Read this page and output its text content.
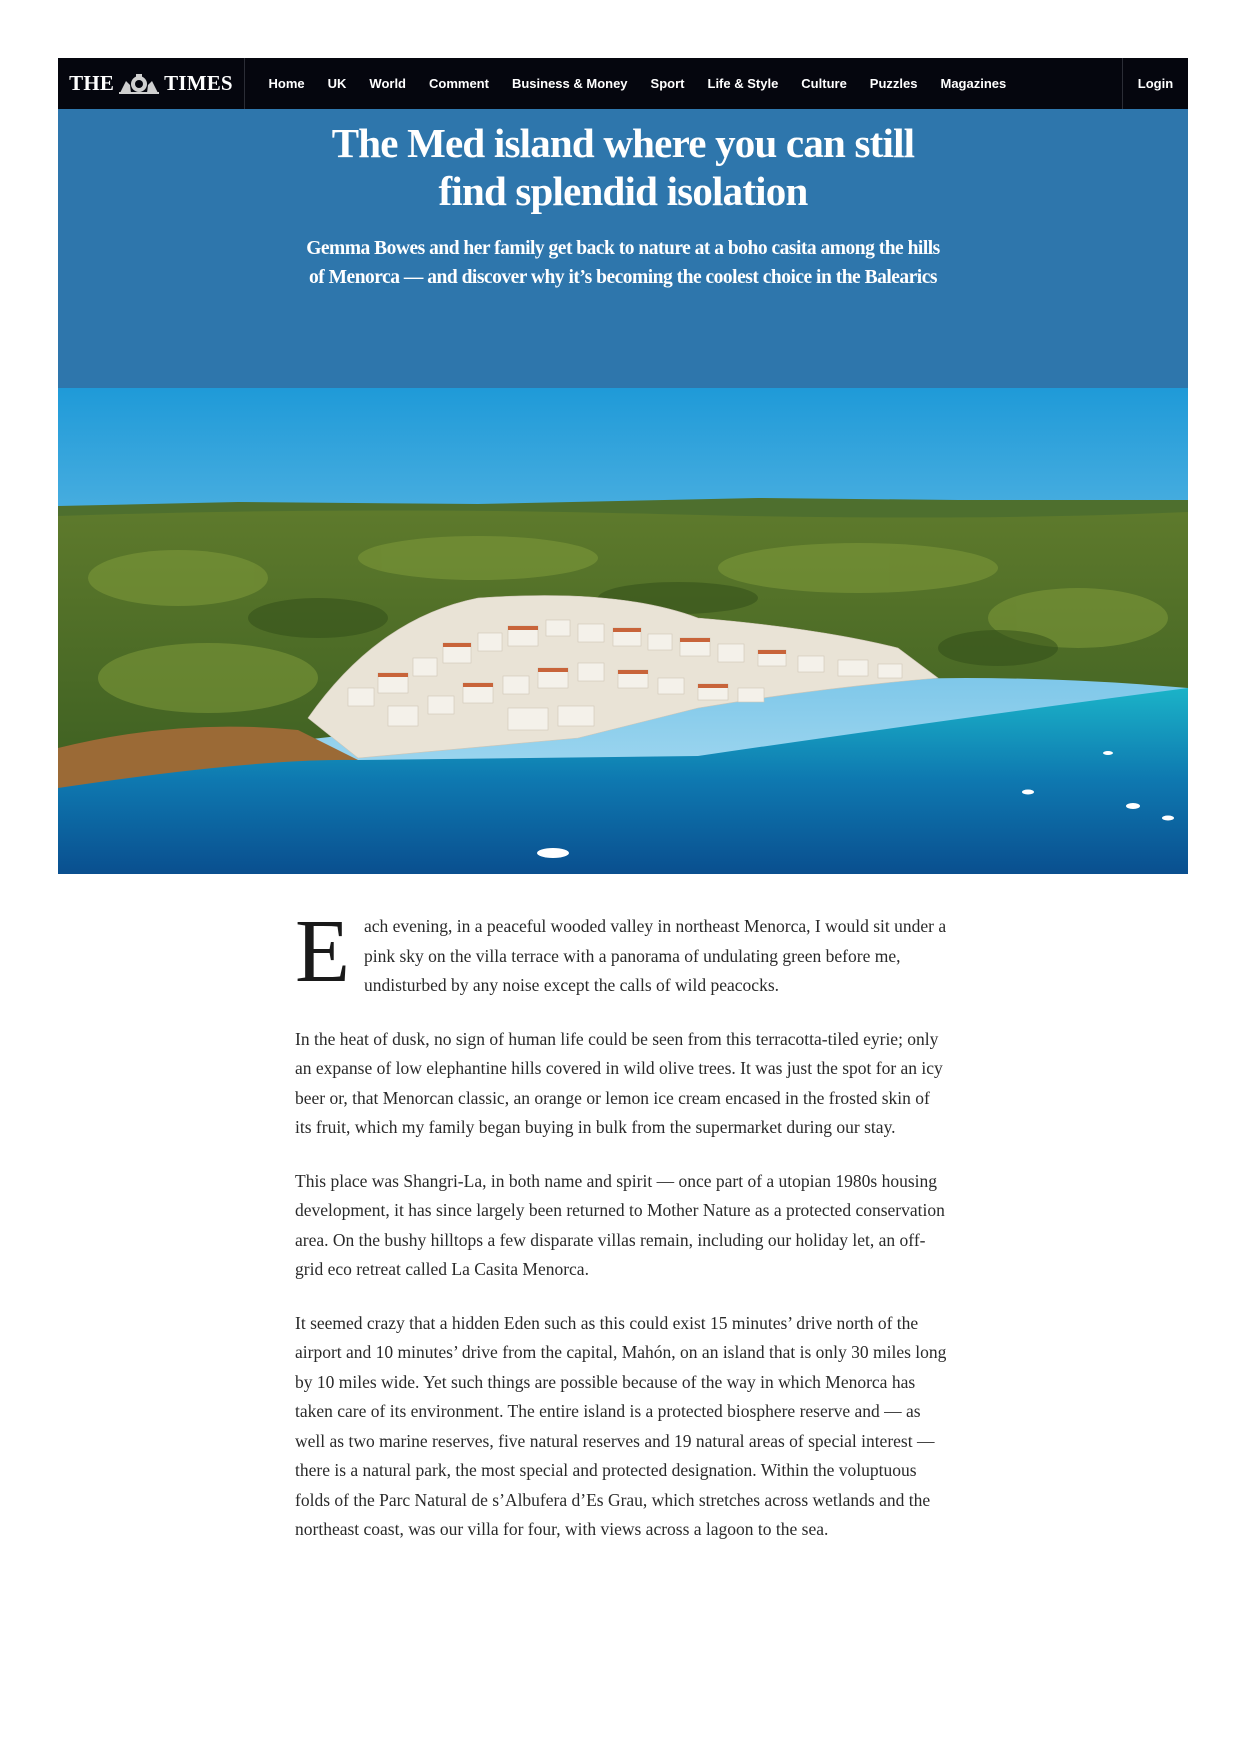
THE TIMES	Home	UK	World	Comment	Business & Money	Sport	Life & Style	Culture	Puzzles	Magazines	Login
The Med island where you can still find splendid isolation

Gemma Bowes and her family get back to nature at a boho casita among the hills of Menorca — and discover why it’s becoming the coolest choice in the Balearics

E ach evening, in a peaceful wooded valley in northeast Menorca, I would sit under a pink sky on the villa terrace with a panorama of undulating green before me, undisturbed by any noise except the calls of wild peacocks.

In the heat of dusk, no sign of human life could be seen from this terracotta-tiled eyrie; only an expanse of low elephantine hills covered in wild olive trees. It was just the spot for an icy beer or, that Menorcan classic, an orange or lemon ice cream encased in the frosted skin of its fruit, which my family began buying in bulk from the supermarket during our stay.

This place was Shangri-La, in both name and spirit — once part of a utopian 1980s housing development, it has since largely been returned to Mother Nature as a protected conservation area. On the bushy hilltops a few disparate villas remain, including our holiday let, an off-grid eco retreat called La Casita Menorca.

It seemed crazy that a hidden Eden such as this could exist 15 minutes’ drive north of the airport and 10 minutes’ drive from the capital, Mahón, on an island that is only 30 miles long by 10 miles wide. Yet such things are possible because of the way in which Menorca has taken care of its environment. The entire island is a protected biosphere reserve and — as well as two marine reserves, five natural reserves and 19 natural areas of special interest — there is a natural park, the most special and protected designation. Within the voluptuous folds of the Parc Natural de s’Albufera d’Es Grau, which stretches across wetlands and the northeast coast, was our villa for four, with views across a lagoon to the sea.
